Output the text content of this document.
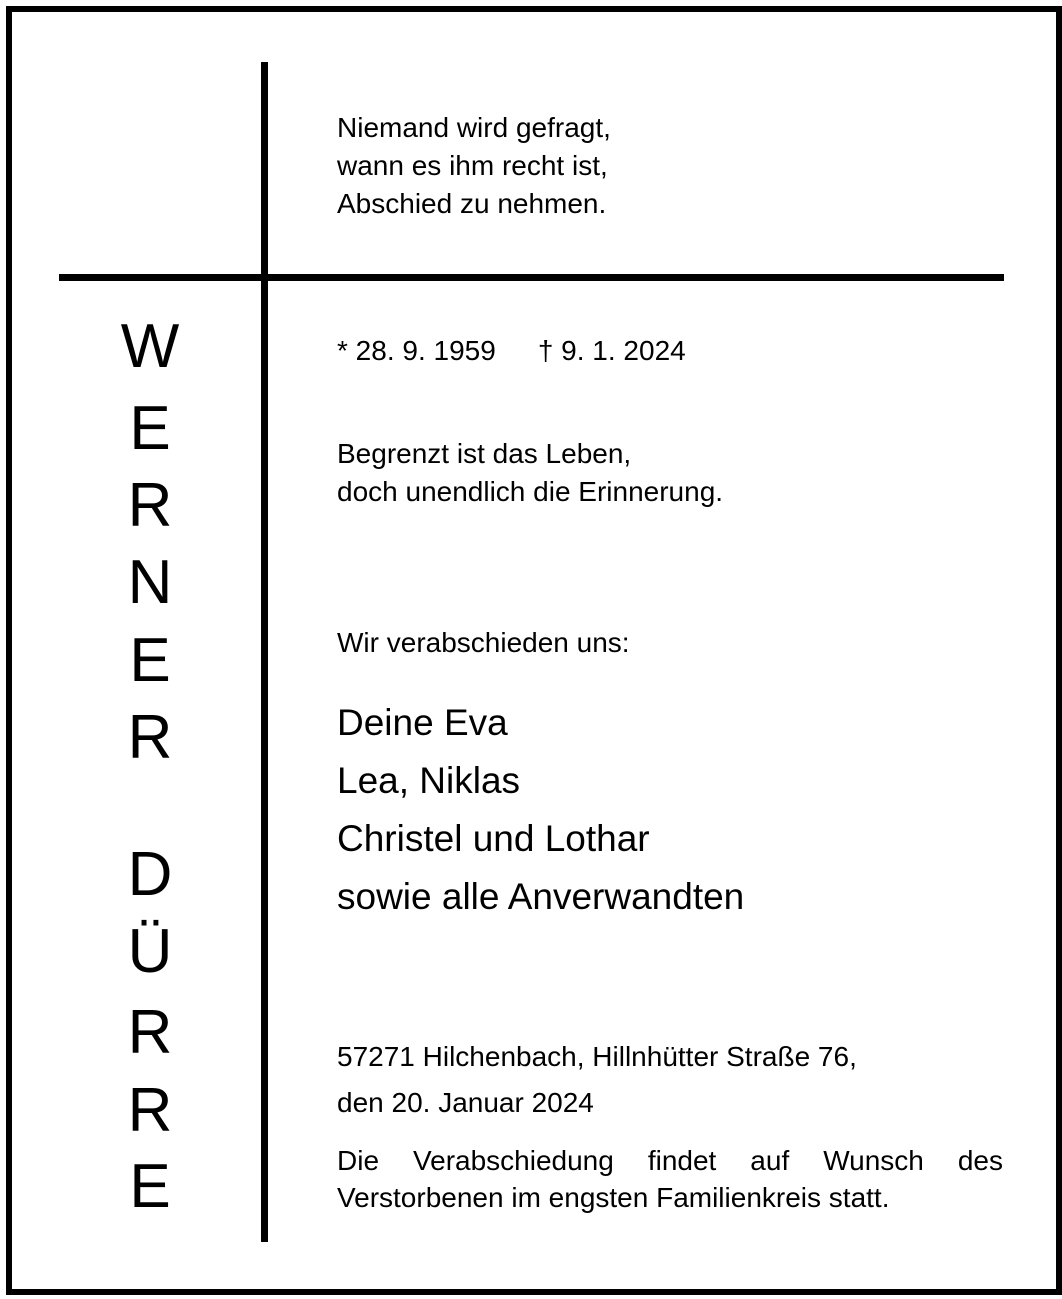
W
E
R
N
E
R
D
Ü
R
R
E
Niemand wird gefragt,
wann es ihm recht ist,
Abschied zu nehmen.
* 28. 9. 1959 † 9. 1. 2024
Begrenzt ist das Leben,
doch unendlich die Erinnerung.
Wir verabschieden uns:
Deine Eva
Lea, Niklas
Christel und Lothar
sowie alle Anverwandten
57271 Hilchenbach, Hillnhütter Straße 76,
den 20. Januar 2024
Die Verabschiedung findet auf Wunsch des
Verstorbenen im engsten Familienkreis statt.
